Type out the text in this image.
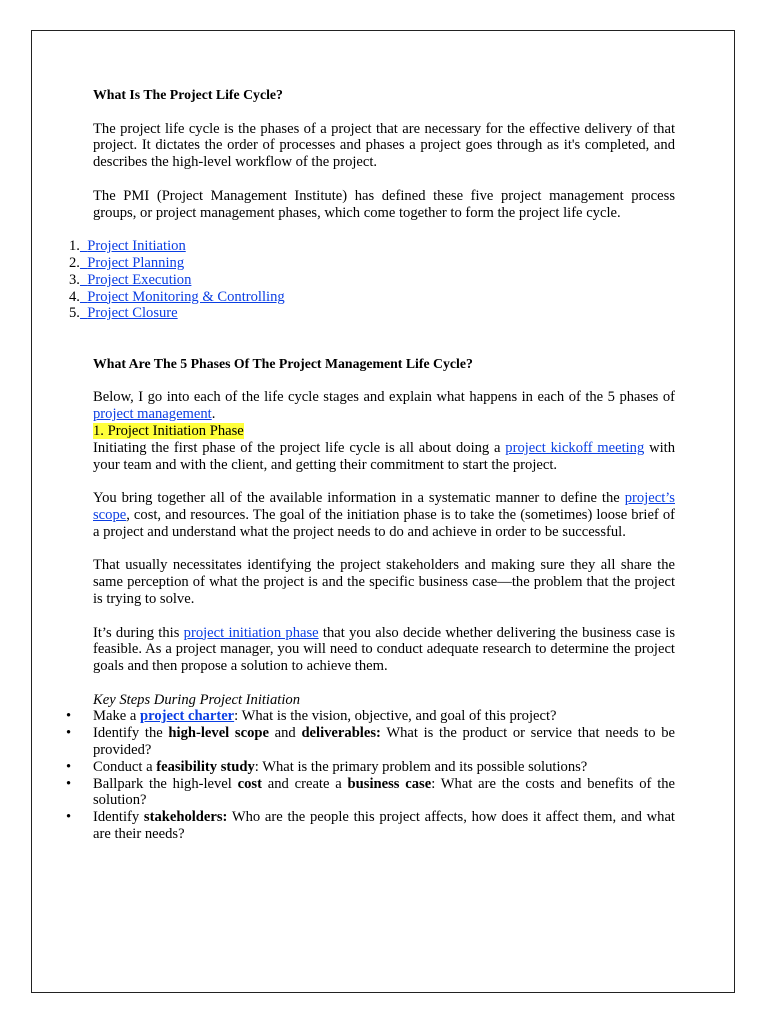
What Is The Project Life Cycle?

The project life cycle is the phases of a project that are necessary for the effective delivery of that project. It dictates the order of processes and phases a project goes through as it's completed, and describes the high-level workflow of the project.

The PMI (Project Management Institute) has defined these five project management process groups, or project management phases, which come together to form the project life cycle.

1. Project Initiation
2. Project Planning
3. Project Execution
4. Project Monitoring & Controlling
5. Project Closure
What Are The 5 Phases Of The Project Management Life Cycle?

Below, I go into each of the life cycle stages and explain what happens in each of the 5 phases of project management.

1. Project Initiation Phase

Initiating the first phase of the project life cycle is all about doing a project kickoff meeting with your team and with the client, and getting their commitment to start the project.

You bring together all of the available information in a systematic manner to define the project’s scope, cost, and resources. The goal of the initiation phase is to take the (sometimes) loose brief of a project and understand what the project needs to do and achieve in order to be successful.

That usually necessitates identifying the project stakeholders and making sure they all share the same perception of what the project is and the specific business case—the problem that the project is trying to solve.

It’s during this project initiation phase that you also decide whether delivering the business case is feasible. As a project manager, you will need to conduct adequate research to determine the project goals and then propose a solution to achieve them.

Key Steps During Project Initiation
• Make a project charter: What is the vision, objective, and goal of this project?
• Identify the high-level scope and deliverables: What is the product or service that needs to be provided?
• Conduct a feasibility study: What is the primary problem and its possible solutions?
• Ballpark the high-level cost and create a business case: What are the costs and benefits of the solution?
• Identify stakeholders: Who are the people this project affects, how does it affect them, and what are their needs?
